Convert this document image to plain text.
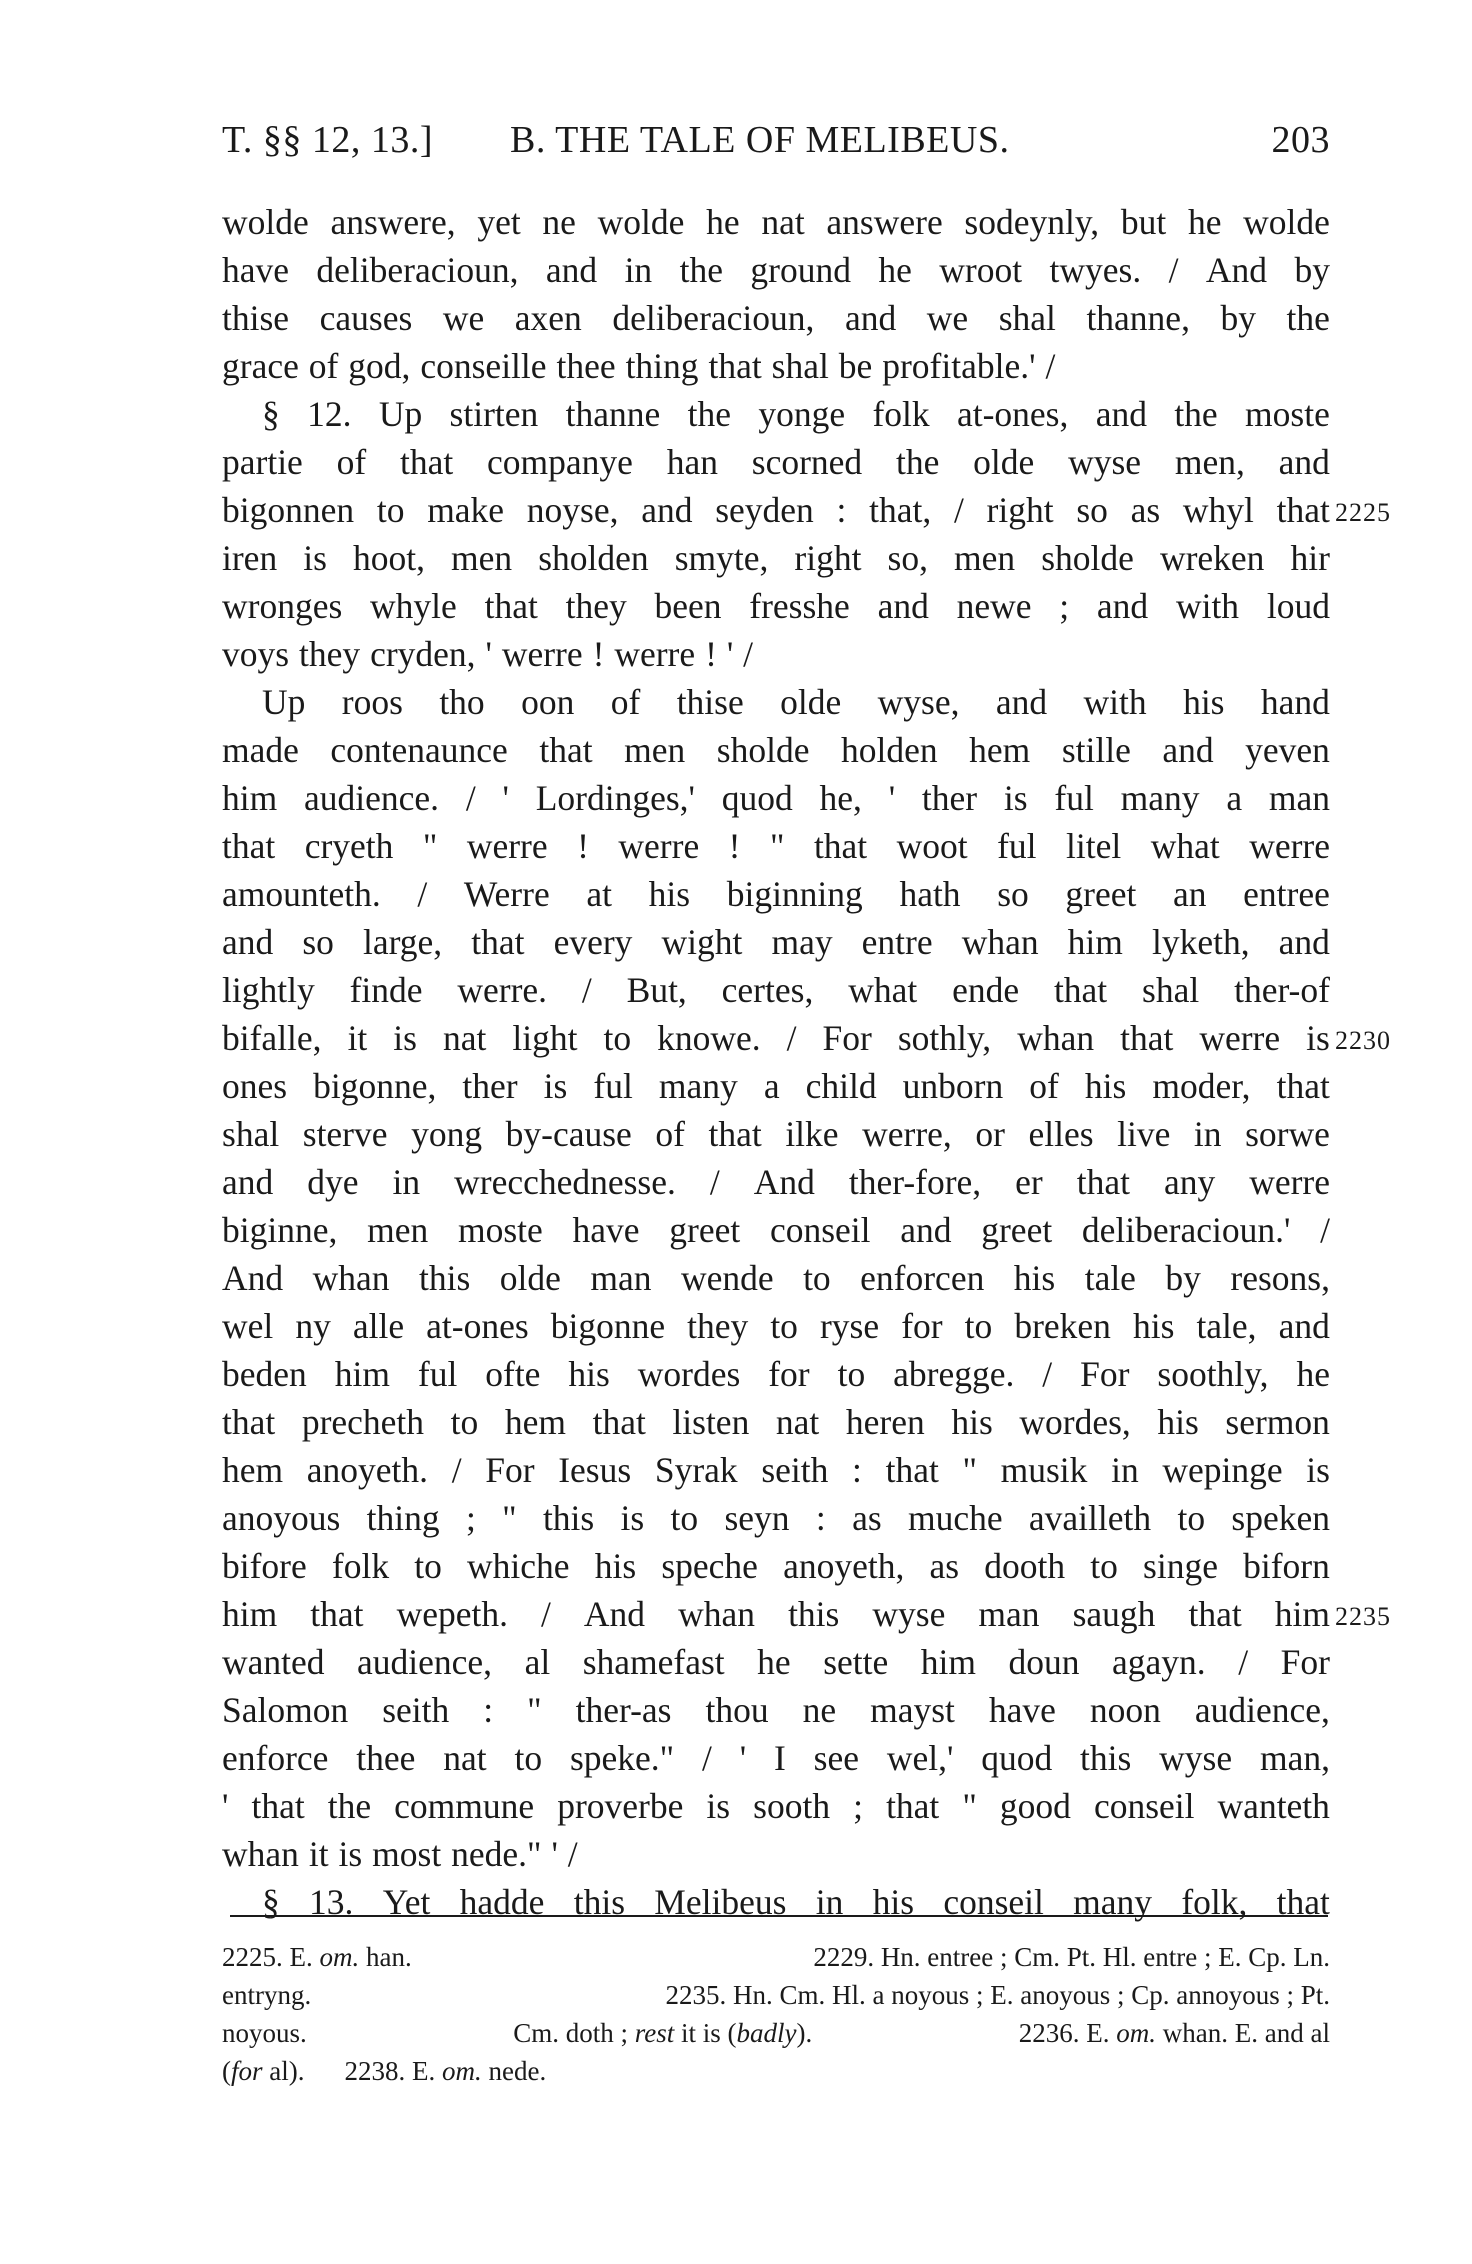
T. §§ 12, 13.] B. THE TALE OF MELIBEUS.	203
wolde answere, yet ne wolde he nat answere sodeynly, but he wolde
have deliberacioun, and in the ground he wroot twyes. / And by
thise causes we axen deliberacioun, and we shal thanne, by the
grace of god, conseille thee thing that shal be profitable.' /
§ 12. Up stirten thanne the yonge folk at-ones, and the moste
partie of that companye han scorned the olde wyse men, and
bigonnen to make noyse, and seyden : that, / right so as whyl that
iren is hoot, men sholden smyte, right so, men sholde wreken hir
wronges whyle that they been fresshe and newe ; and with loud
voys they cryden, ' werre ! werre ! ' /
Up roos tho oon of thise olde wyse, and with his hand
made contenaunce that men sholde holden hem stille and yeven
him audience. / ' Lordinges,' quod he, ' ther is ful many a man
that cryeth " werre ! werre ! " that woot ful litel what werre
amounteth. / Werre at his biginning hath so greet an entree
and so large, that every wight may entre whan him lyketh, and
lightly finde werre. / But, certes, what ende that shal ther-of
bifalle, it is nat light to knowe. / For sothly, whan that werre is
ones bigonne, ther is ful many a child unborn of his moder, that
shal sterve yong by-cause of that ilke werre, or elles live in sorwe
and dye in wrecchednesse. / And ther-fore, er that any werre
biginne, men moste have greet conseil and greet deliberacioun.' /
And whan this olde man wende to enforcen his tale by resons,
wel ny alle at-ones bigonne they to ryse for to breken his tale, and
beden him ful ofte his wordes for to abregge. / For soothly, he
that precheth to hem that listen nat heren his wordes, his sermon
hem anoyeth. / For Iesus Syrak seith : that " musik in wepinge is
anoyous thing ; " this is to seyn : as muche availleth to speken
bifore folk to whiche his speche anoyeth, as dooth to singe biforn
him that wepeth. / And whan this wyse man saugh that him
wanted audience, al shamefast he sette him doun agayn. / For
Salomon seith : " ther-as thou ne mayst have noon audience,
enforce thee nat to speke." / ' I see wel,' quod this wyse man,
' that the commune proverbe is sooth ; that " good conseil wanteth
whan it is most nede." ' /
§ 13. Yet hadde this Melibeus in his conseil many folk, that
2225
2230
2235
2225. E. om. han.	2229. Hn. entree ; Cm. Pt. Hl. entre ; E. Cp. Ln.
entryng.	2235. Hn. Cm. Hl. a noyous ; E. anoyous ; Cp. annoyous ; Pt.
noyous.	Cm. doth ; rest it is (badly).	2236. E. om. whan. E. and al
(for al). 2238. E. om. nede.
